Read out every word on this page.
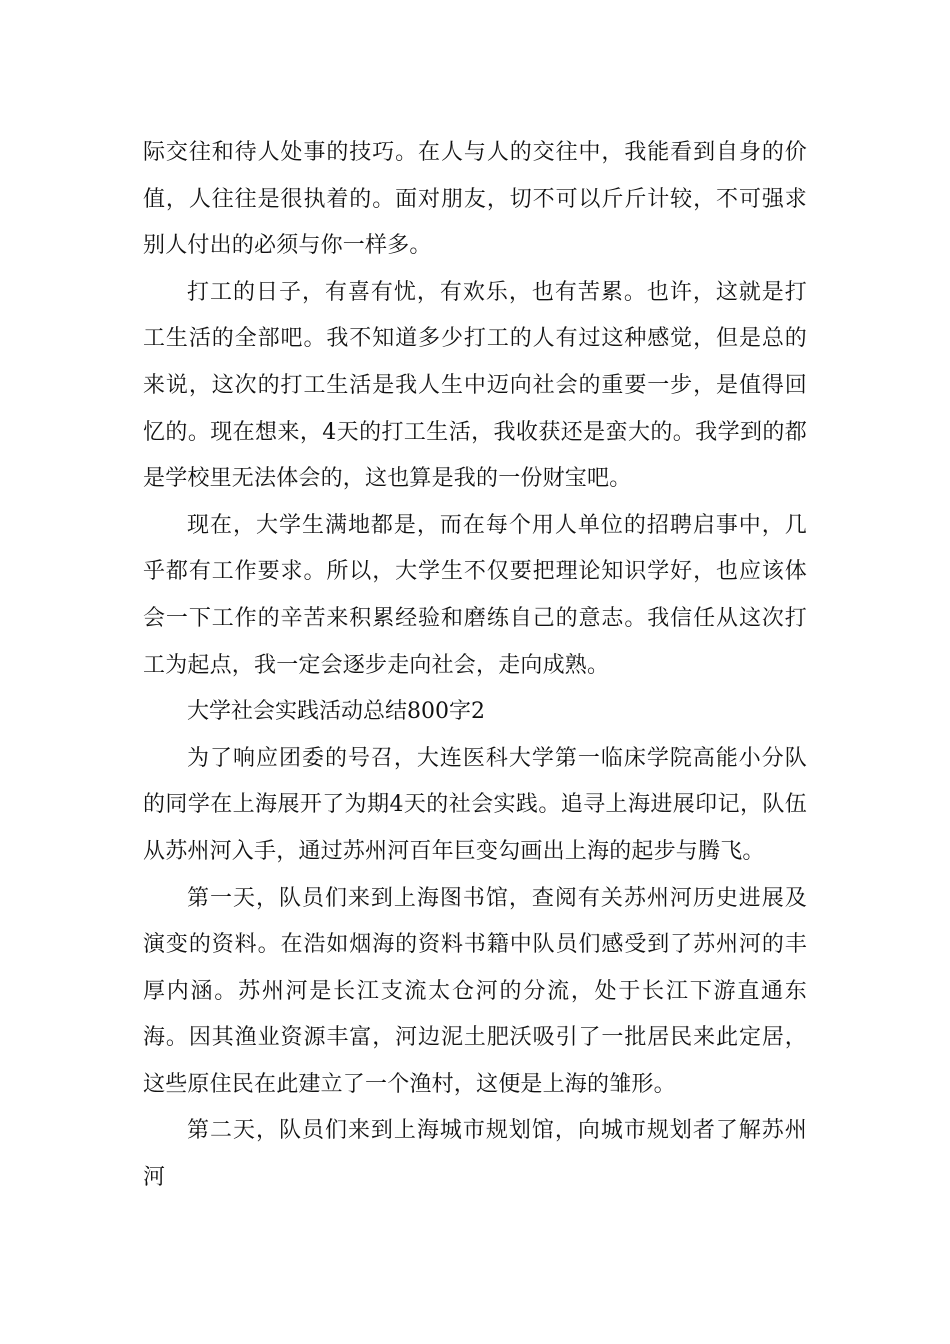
际交往和待人处事的技巧。在人与人的交往中，我能看到自身的价值，人往往是很执着的。面对朋友，切不可以斤斤计较，不可强求别人付出的必须与你一样多。

打工的日子，有喜有忧，有欢乐，也有苦累。也许，这就是打工生活的全部吧。我不知道多少打工的人有过这种感觉，但是总的来说，这次的打工生活是我人生中迈向社会的重要一步，是值得回忆的。现在想来，4天的打工生活，我收获还是蛮大的。我学到的都是学校里无法体会的，这也算是我的一份财宝吧。

现在，大学生满地都是，而在每个用人单位的招聘启事中，几乎都有工作要求。所以，大学生不仅要把理论知识学好，也应该体会一下工作的辛苦来积累经验和磨练自己的意志。我信任从这次打工为起点，我一定会逐步走向社会，走向成熟。

大学社会实践活动总结800字2

为了响应团委的号召，大连医科大学第一临床学院高能小分队的同学在上海展开了为期4天的社会实践。追寻上海进展印记，队伍从苏州河入手，通过苏州河百年巨变勾画出上海的起步与腾飞。

第一天，队员们来到上海图书馆，查阅有关苏州河历史进展及演变的资料。在浩如烟海的资料书籍中队员们感受到了苏州河的丰厚内涵。苏州河是长江支流太仓河的分流，处于长江下游直通东海。因其渔业资源丰富，河边泥土肥沃吸引了一批居民来此定居，这些原住民在此建立了一个渔村，这便是上海的雏形。

第二天，队员们来到上海城市规划馆，向城市规划者了解苏州河
